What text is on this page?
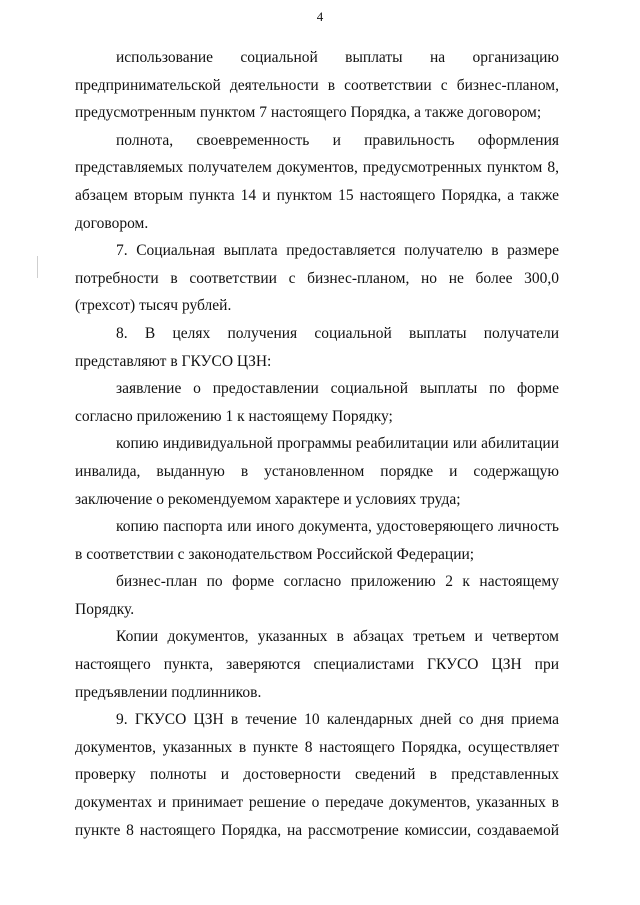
4

использование социальной выплаты на организацию предпринимательской деятельности в соответствии с бизнес-планом, предусмотренным пунктом 7 настоящего Порядка, а также договором;

полнота, своевременность и правильность оформления представляемых получателем документов, предусмотренных пунктом 8, абзацем вторым пункта 14 и пунктом 15 настоящего Порядка, а также договором.

7. Социальная выплата предоставляется получателю в размере потребности в соответствии с бизнес-планом, но не более 300,0 (трехсот) тысяч рублей.

8. В целях получения социальной выплаты получатели представляют в ГКУСО ЦЗН:

заявление о предоставлении социальной выплаты по форме согласно приложению 1 к настоящему Порядку;

копию индивидуальной программы реабилитации или абилитации инвалида, выданную в установленном порядке и содержащую заключение о рекомендуемом характере и условиях труда;

копию паспорта или иного документа, удостоверяющего личность в соответствии с законодательством Российской Федерации;

бизнес-план по форме согласно приложению 2 к настоящему Порядку.

Копии документов, указанных в абзацах третьем и четвертом настоящего пункта, заверяются специалистами ГКУСО ЦЗН при предъявлении подлинников.

9. ГКУСО ЦЗН в течение 10 календарных дней со дня приема документов, указанных в пункте 8 настоящего Порядка, осуществляет проверку полноты и достоверности сведений в представленных документах и принимает решение о передаче документов, указанных в пункте 8 настоящего Порядка, на рассмотрение комиссии, создаваемой
